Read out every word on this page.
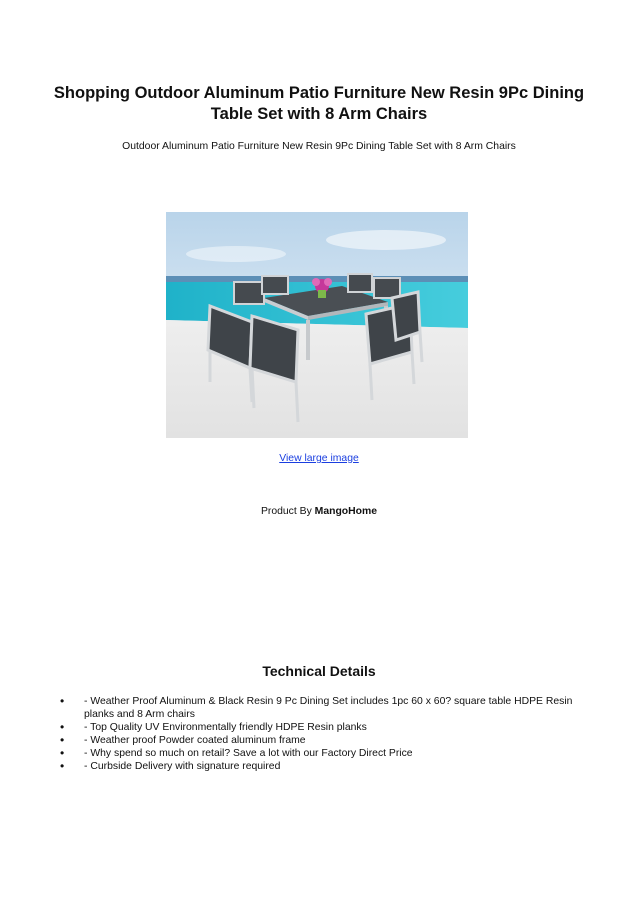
Shopping Outdoor Aluminum Patio Furniture New Resin 9Pc Dining Table Set with 8 Arm Chairs
Outdoor Aluminum Patio Furniture New Resin 9Pc Dining Table Set with 8 Arm Chairs
View large image
Product By MangoHome
Technical Details
• - Weather Proof Aluminum & Black Resin 9 Pc Dining Set includes 1pc 60 x 60? square table HDPE Resin planks and 8 Arm chairs
• - Top Quality UV Environmentally friendly HDPE Resin planks
• - Weather proof Powder coated aluminum frame
• - Why spend so much on retail? Save a lot with our Factory Direct Price
• - Curbside Delivery with signature required
